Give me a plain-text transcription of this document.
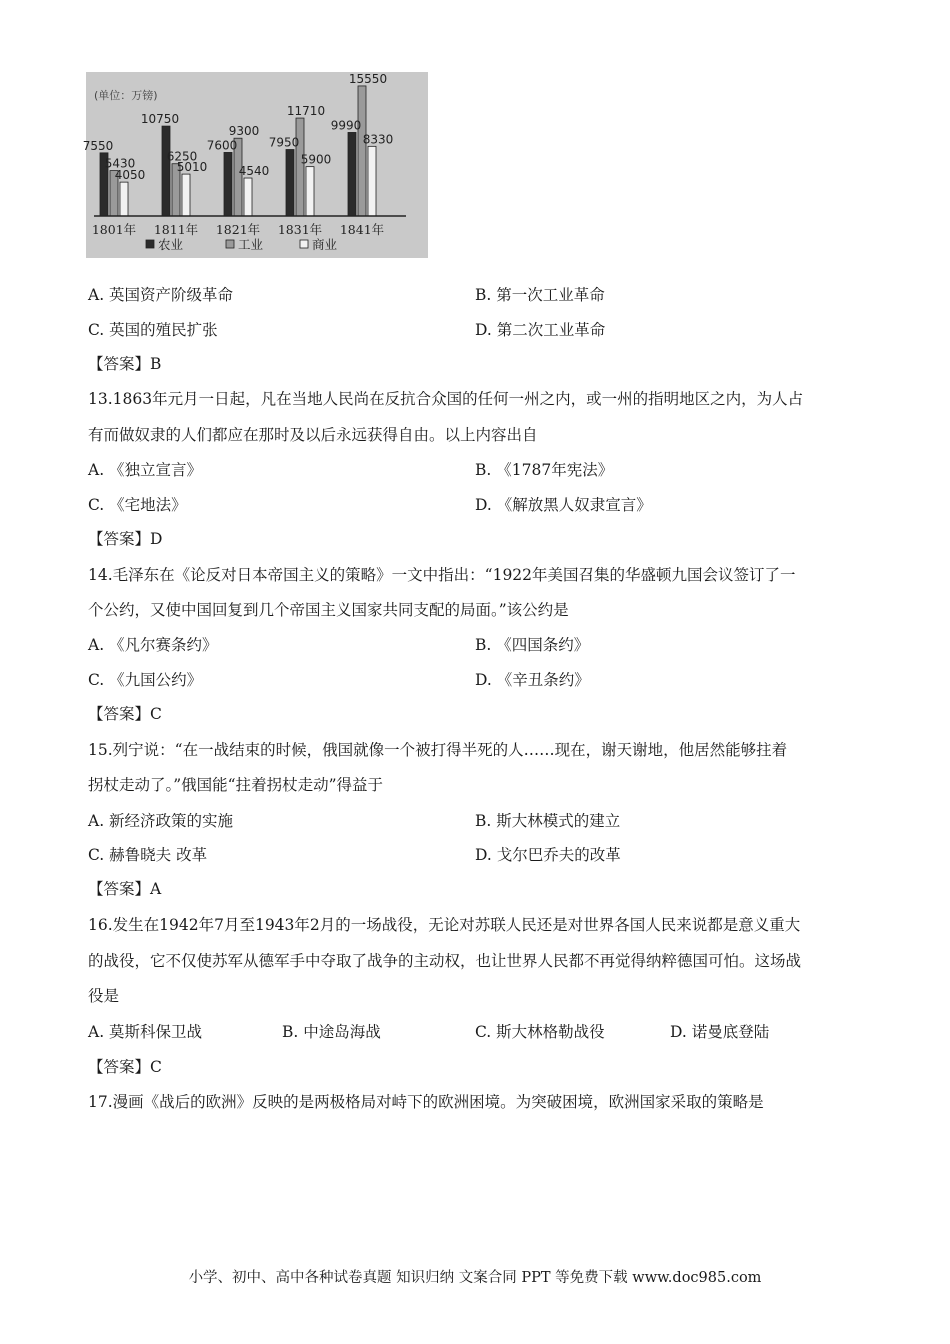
(单位：万镑)
7550
5430
4050
10750
6250
5010
7600
9300
4540
7950
11710
5900
9990
15550
8330
1801年 1811年 1821年 1831年 1841年
农业	工业	商业
A. 英国资产阶级革命	B. 第一次工业革命
C. 英国的殖民扩张	D. 第二次工业革命
【答案】B
13.1863年元月一日起，凡在当地人民尚在反抗合众国的任何一州之内，或一州的指明地区之内，为人占
有而做奴隶的人们都应在那时及以后永远获得自由。以上内容出自
A. 《独立宣言》	B. 《1787年宪法》
C. 《宅地法》	D. 《解放黑人奴隶宣言》
【答案】D
14.毛泽东在《论反对日本帝国主义的策略》一文中指出：“1922年美国召集的华盛顿九国会议签订了一
个公约，又使中国回复到几个帝国主义国家共同支配的局面。”该公约是
A. 《凡尔赛条约》	B. 《四国条约》
C. 《九国公约》	D. 《辛丑条约》
【答案】C
15.列宁说：“在一战结束的时候，俄国就像一个被打得半死的人……现在，谢天谢地，他居然能够拄着
拐杖走动了。”俄国能“拄着拐杖走动”得益于
A. 新经济政策的实施	B. 斯大林模式的建立
C. 赫鲁晓夫 改革	D. 戈尔巴乔夫的改革
【答案】A
16.发生在1942年7月至1943年2月的一场战役，无论对苏联人民还是对世界各国人民来说都是意义重大
的战役，它不仅使苏军从德军手中夺取了战争的主动权，也让世界人民都不再觉得纳粹德国可怕。这场战
役是
A. 莫斯科保卫战	B. 中途岛海战	C. 斯大林格勒战役	D. 诺曼底登陆
【答案】C
17.漫画《战后的欧洲》反映的是两极格局对峙下的欧洲困境。为突破困境，欧洲国家采取的策略是
小学、初中、高中各种试卷真题 知识归纳 文案合同 PPT 等免费下载 www.doc985.com
